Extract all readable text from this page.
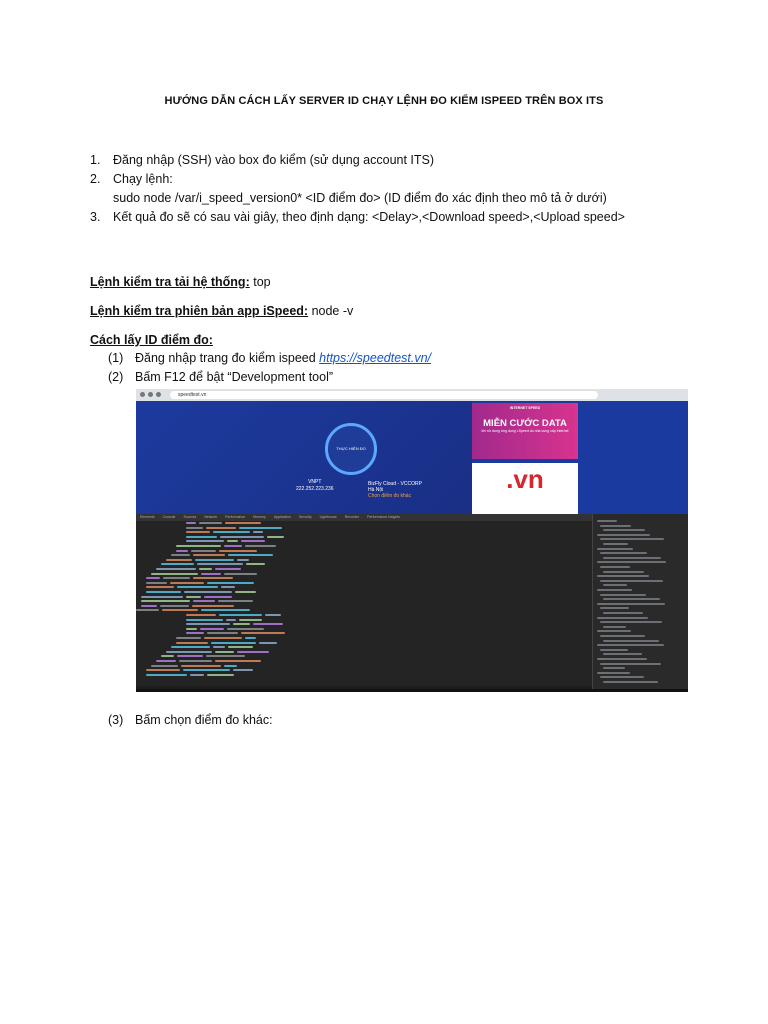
HƯỚNG DẪN CÁCH LẤY SERVER ID CHẠY LỆNH ĐO KIỂM ISPEED TRÊN BOX ITS
1. Đăng nhập (SSH) vào box đo kiểm (sử dụng account ITS)
2. Chạy lệnh:
sudo node /var/i_speed_version0* <ID điểm đo> (ID điểm đo xác định theo mô tả ở dưới)
3. Kết quả đo sẽ có sau vài giây, theo định dạng: <Delay>,<Download speed>,<Upload speed>
Lệnh kiểm tra tải hệ thống: top
Lệnh kiểm tra phiên bản app iSpeed: node -v
Cách lấy ID điểm đo:
(1) Đăng nhập trang đo kiểm ispeed https://speedtest.vn/
(2) Bấm F12 để bật “Development tool”
speedtest.vn
THỰC HIỆN ĐO
VNPT
222.252.223.236
BizFly Cloud - VCCORP
Hà Nội
Chọn điểm đo khác
INTERNET SPEED
MIỄN CƯỚC DATA
khi sử dụng ứng dụng i-Speed do nhà cung cấp Internet
.vn
Elements Console Sources Network Performance Memory Application Security Lighthouse Recorder Performance insights
(3) Bấm chọn điểm đo khác:
